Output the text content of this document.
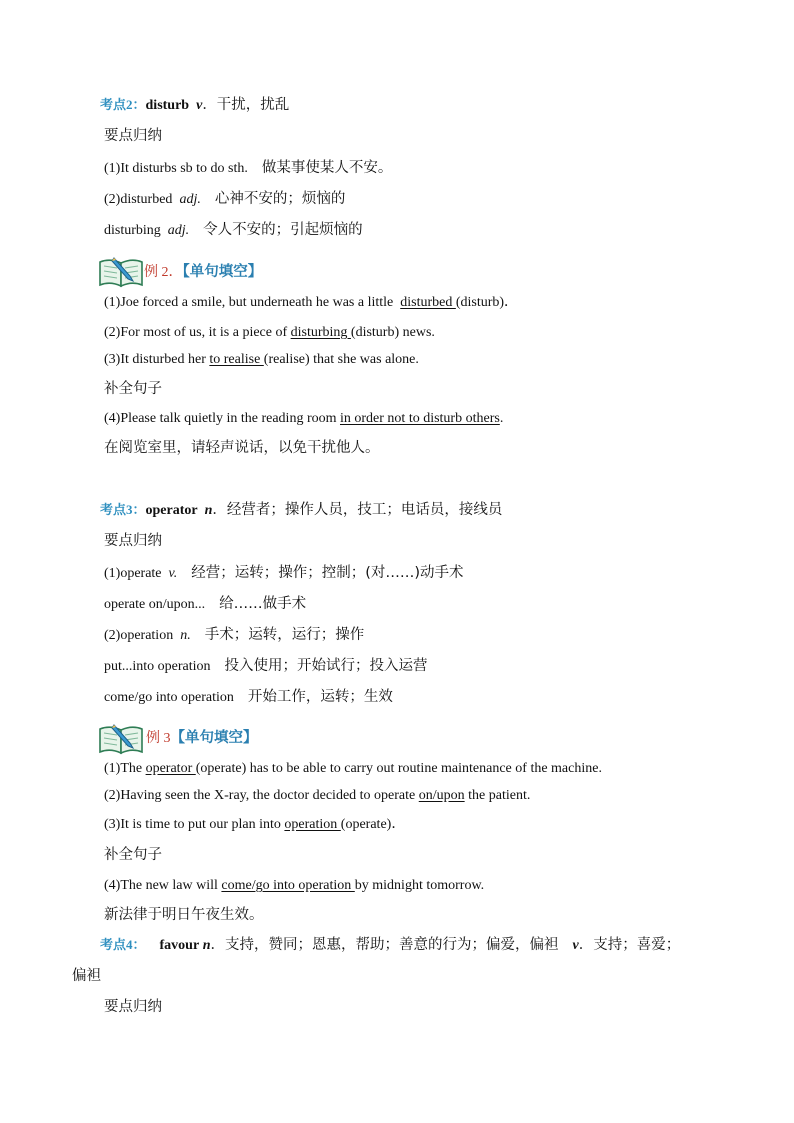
考点2：disturb v．干扰，扰乱
要点归纳
(1)It disturbs sb to do sth. 做某事使某人不安。
(2)disturbed adj. 心神不安的；烦恼的
disturbing adj. 令人不安的；引起烦恼的
例 2．【单句填空】
(1)Joe forced a smile, but underneath he was a little disturbed (disturb)．
(2)For most of us, it is a piece of disturbing (disturb) news.
(3)It disturbed her to realise (realise) that she was alone.
补全句子
(4)Please talk quietly in the reading room in order not to disturb others.
在阅览室里，请轻声说话，以免干扰他人。
考点3：operator n．经营者；操作人员，技工；电话员，接线员
要点归纳
(1)operate v. 经营；运转；操作；控制；(对……)动手术
operate on/upon... 给……做手术
(2)operation n. 手术；运转，运行；操作
put...into operation 投入使用；开始试行；投入运营
come/go into operation 开始工作，运转；生效
例 3【单句填空】
(1)The operator (operate) has to be able to carry out routine maintenance of the machine.
(2)Having seen the X-ray, the doctor decided to operate on/upon the patient.
(3)It is time to put our plan into operation (operate)．
补全句子
(4)The new law will come/go into operation by midnight tomorrow.
新法律于明日午夜生效。
考点4： favour n．支持，赞同；恩惠，帮助；善意的行为；偏爱，偏袒 v．支持；喜爱；
偏袒
要点归纳
